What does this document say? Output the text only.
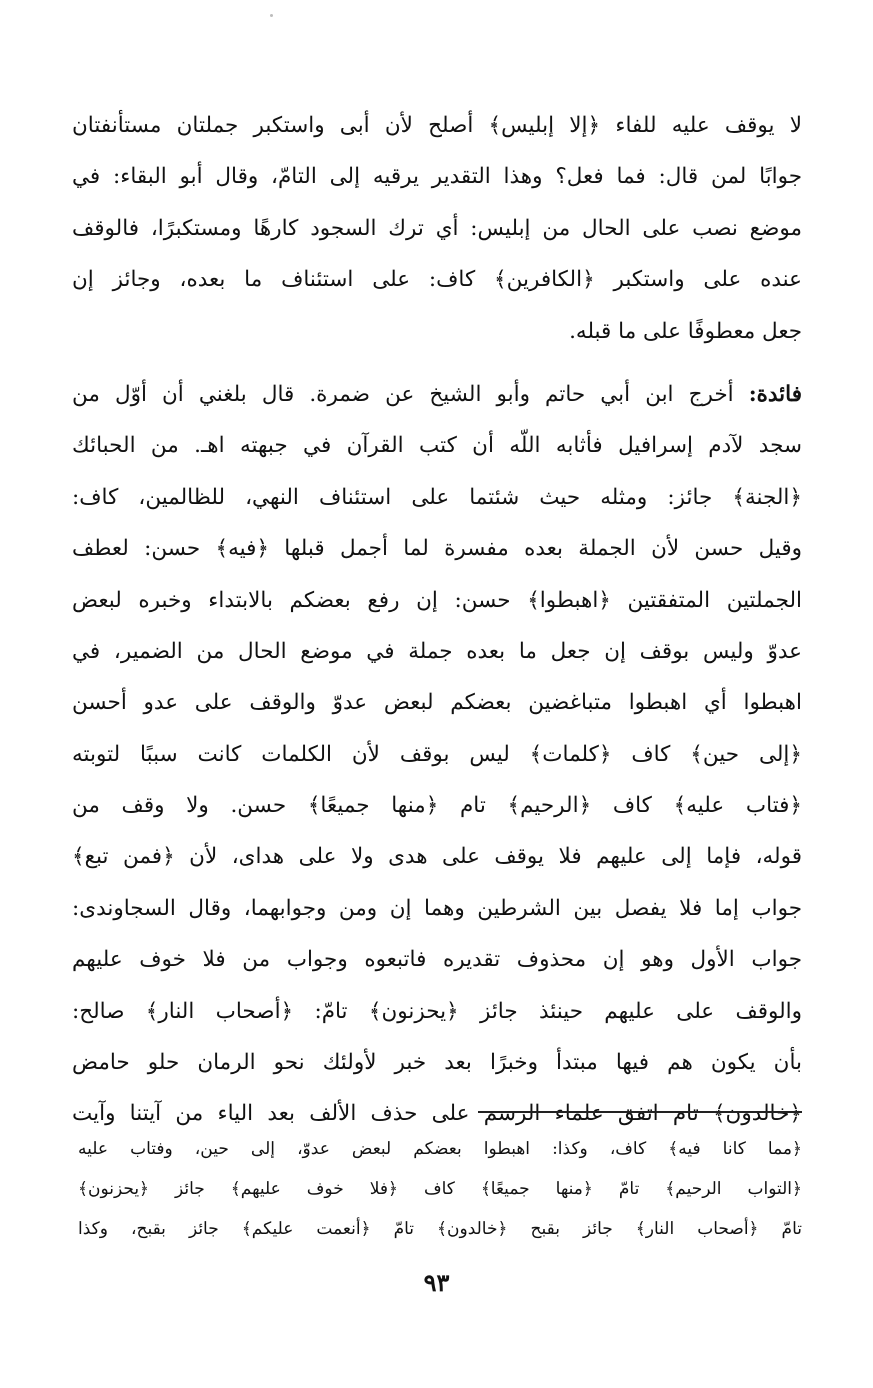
لا يوقف عليه للفاء ﴿إلا إبليس﴾ أصلح لأن أبى واستكبر جملتان مستأنفتان
جوابًا لمن قال: فما فعل؟ وهذا التقدير يرقيه إلى التامّ، وقال أبو البقاء: في
موضع نصب على الحال من إبليس: أي ترك السجود كارهًا ومستكبرًا، فالوقف
عنده على واستكبر ﴿الكافرين﴾ كاف: على استئناف ما بعده، وجائز إن
جعل معطوفًا على ما قبله.
فائدة: أخرج ابن أبي حاتم وأبو الشيخ عن ضمرة. قال بلغني أن أوّل من
سجد لآدم إسرافيل فأثابه اللّه أن كتب القرآن في جبهته اهـ. من الحبائك
﴿الجنة﴾ جائز: ومثله حيث شئتما على استئناف النهي، للظالمين، كاف:
وقيل حسن لأن الجملة بعده مفسرة لما أجمل قبلها ﴿فيه﴾ حسن: لعطف
الجملتين المتفقتين ﴿اهبطوا﴾ حسن: إن رفع بعضكم بالابتداء وخبره لبعض
عدوّ وليس بوقف إن جعل ما بعده جملة في موضع الحال من الضمير، في
اهبطوا أي اهبطوا متباغضين بعضكم لبعض عدوّ والوقف على عدو أحسن
﴿إلى حين﴾ كاف ﴿كلمات﴾ ليس بوقف لأن الكلمات كانت سببًا لتوبته
﴿فتاب عليه﴾ كاف ﴿الرحيم﴾ تام ﴿منها جميعًا﴾ حسن. ولا وقف من
قوله، فإما إلى عليهم فلا يوقف على هدى ولا على هداى، لأن ﴿فمن تبع﴾
جواب إما فلا يفصل بين الشرطين وهما إن ومن وجوابهما، وقال السجاوندى:
جواب الأول وهو إن محذوف تقديره فاتبعوه وجواب من فلا خوف عليهم
والوقف على عليهم حينئذ جائز ﴿يحزنون﴾ تامّ: ﴿أصحاب النار﴾ صالح:
بأن يكون هم فيها مبتدأ وخبرًا بعد خبر لأولئك نحو الرمان حلو حامض
﴿خالدون﴾ تام اتفق علماء الرسم على حذف الألف بعد الياء من آيتنا وآيت
﴿مما كانا فيه﴾ كاف، وكذا: اهبطوا بعضكم لبعض عدوّ، إلى حين، وفتاب عليه
﴿التواب الرحيم﴾ تامّ ﴿منها جميعًا﴾ كاف ﴿فلا خوف عليهم﴾ جائز ﴿يحزنون﴾
تامّ ﴿أصحاب النار﴾ جائز بقبح ﴿خالدون﴾ تامّ ﴿أنعمت عليكم﴾ جائز بقبح، وكذا
٩٣
